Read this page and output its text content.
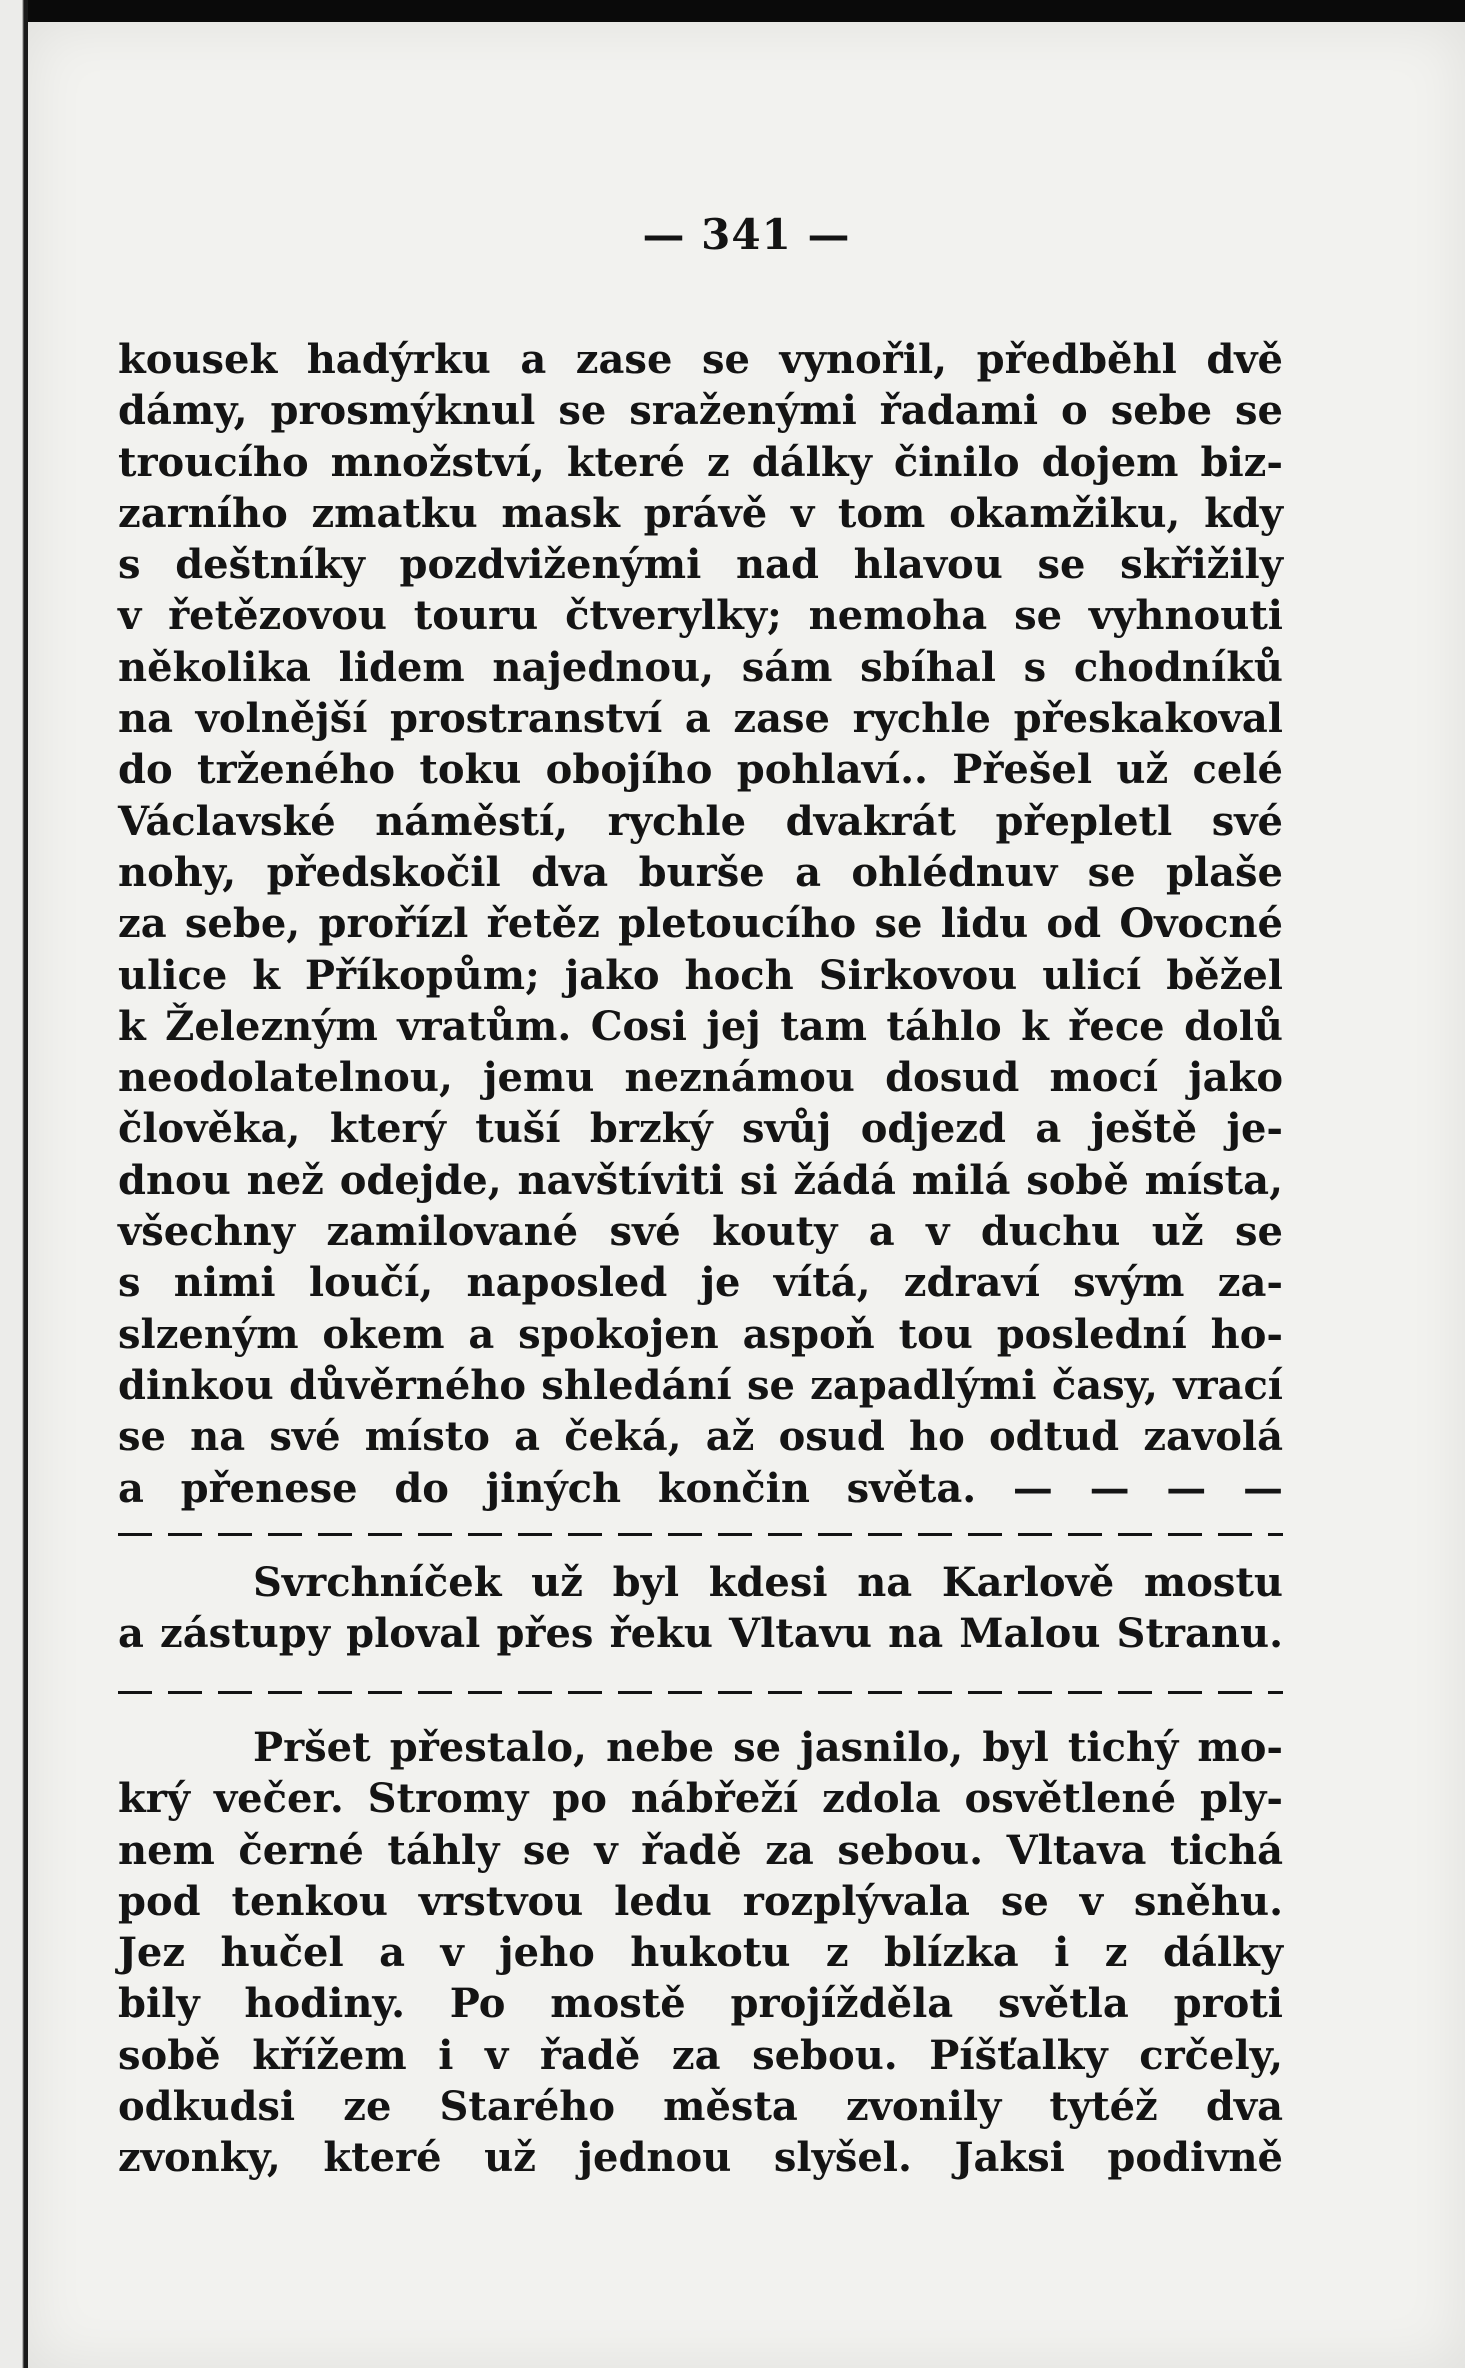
— 341 —
kousek hadýrku a zase se vynořil, předběhl dvě
dámy, prosmýknul se sraženými řadami o sebe se
troucího množství, které z dálky činilo dojem biz-
zarního zmatku mask právě v tom okamžiku, kdy
s deštníky pozdviženými nad hlavou se skřižily
v řetězovou touru čtverylky; nemoha se vyhnouti
několika lidem najednou, sám sbíhal s chodníků
na volnější prostranství a zase rychle přeskakoval
do trženého toku obojího pohlaví.. Přešel už celé
Václavské náměstí, rychle dvakrát přepletl své
nohy, předskočil dva burše a ohlédnuv se plaše
za sebe, prořízl řetěz pletoucího se lidu od Ovocné
ulice k Příkopům; jako hoch Sirkovou ulicí běžel
k Železným vratům. Cosi jej tam táhlo k řece dolů
neodolatelnou, jemu neznámou dosud mocí jako
člověka, který tuší brzký svůj odjezd a ještě je-
dnou než odejde, navštíviti si žádá milá sobě místa,
všechny zamilované své kouty a v duchu už se
s nimi loučí, naposled je vítá, zdraví svým za-
slzeným okem a spokojen aspoň tou poslední ho-
dinkou důvěrného shledání se zapadlými časy, vrací
se na své místo a čeká, až osud ho odtud zavolá
a přenese do jiných končin světa. — — — —
Svrchníček už byl kdesi na Karlově mostu
a zástupy ploval přes řeku Vltavu na Malou Stranu.
Pršet přestalo, nebe se jasnilo, byl tichý mo-
krý večer. Stromy po nábřeží zdola osvětlené ply-
nem černé táhly se v řadě za sebou. Vltava tichá
pod tenkou vrstvou ledu rozplývala se v sněhu.
Jez hučel a v jeho hukotu z blízka i z dálky
bily hodiny. Po mostě projížděla světla proti
sobě křížem i v řadě za sebou. Píšťalky crčely,
odkudsi ze Starého města zvonily tytéž dva
zvonky, které už jednou slyšel. Jaksi podivně
